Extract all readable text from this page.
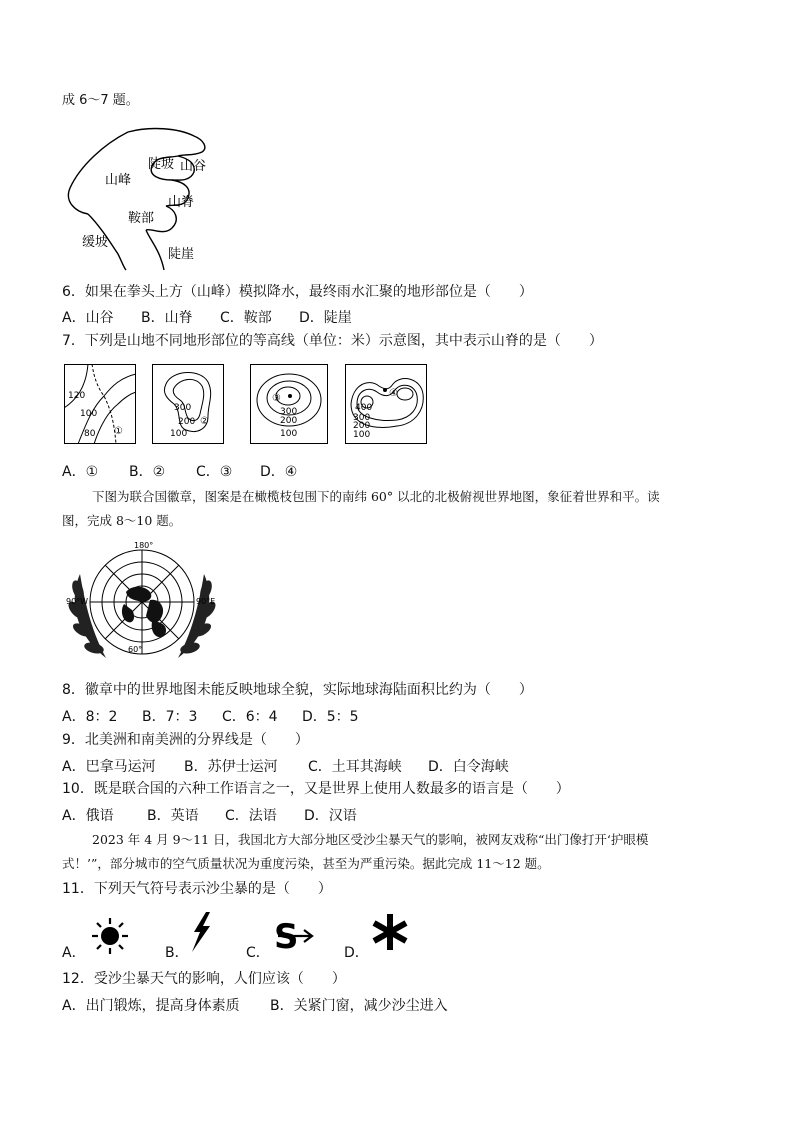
成 6～7 题。
山峰
陡坡 山谷
山脊
鞍部
缓坡
陡崖
6．如果在拳头上方（山峰）模拟降水，最终雨水汇聚的地形部位是（　　）
A．山谷 B．山脊 C．鞍部 D．陡崖
7．下列是山地不同地形部位的等高线（单位：米）示意图，其中表示山脊的是（　　）
120
100
80 ①
300
200
100
②
③
300
200
100
④
400
300
200
100
A．① B．② C．③ D．④
下图为联合国徽章，图案是在橄榄枝包围下的南纬 60° 以北的北极俯视世界地图，象征着世界和平。读
图，完成 8～10 题。
180°
90°W	90°E
60°
8．徽章中的世界地图未能反映地球全貌，实际地球海陆面积比约为（　　）
A．8：2 B．7：3 C．6：4 D．5：5
9．北美洲和南美洲的分界线是（　　）
A．巴拿马运河 B．苏伊士运河 C．土耳其海峡 D．白令海峡
10．既是联合国的六种工作语言之一，又是世界上使用人数最多的语言是（　　）
A．俄语 B．英语 C．法语 D．汉语
2023 年 4 月 9～11 日，我国北方大部分地区受沙尘暴天气的影响，被网友戏称“出门像打开‘护眼模
式！’”，部分城市的空气质量状况为重度污染，甚至为严重污染。据此完成 11～12 题。
11．下列天气符号表示沙尘暴的是（　　）
A．	B．	C． S	D．
12．受沙尘暴天气的影响，人们应该（　　）
A．出门锻炼，提高身体素质 B．关紧门窗，减少沙尘进入
